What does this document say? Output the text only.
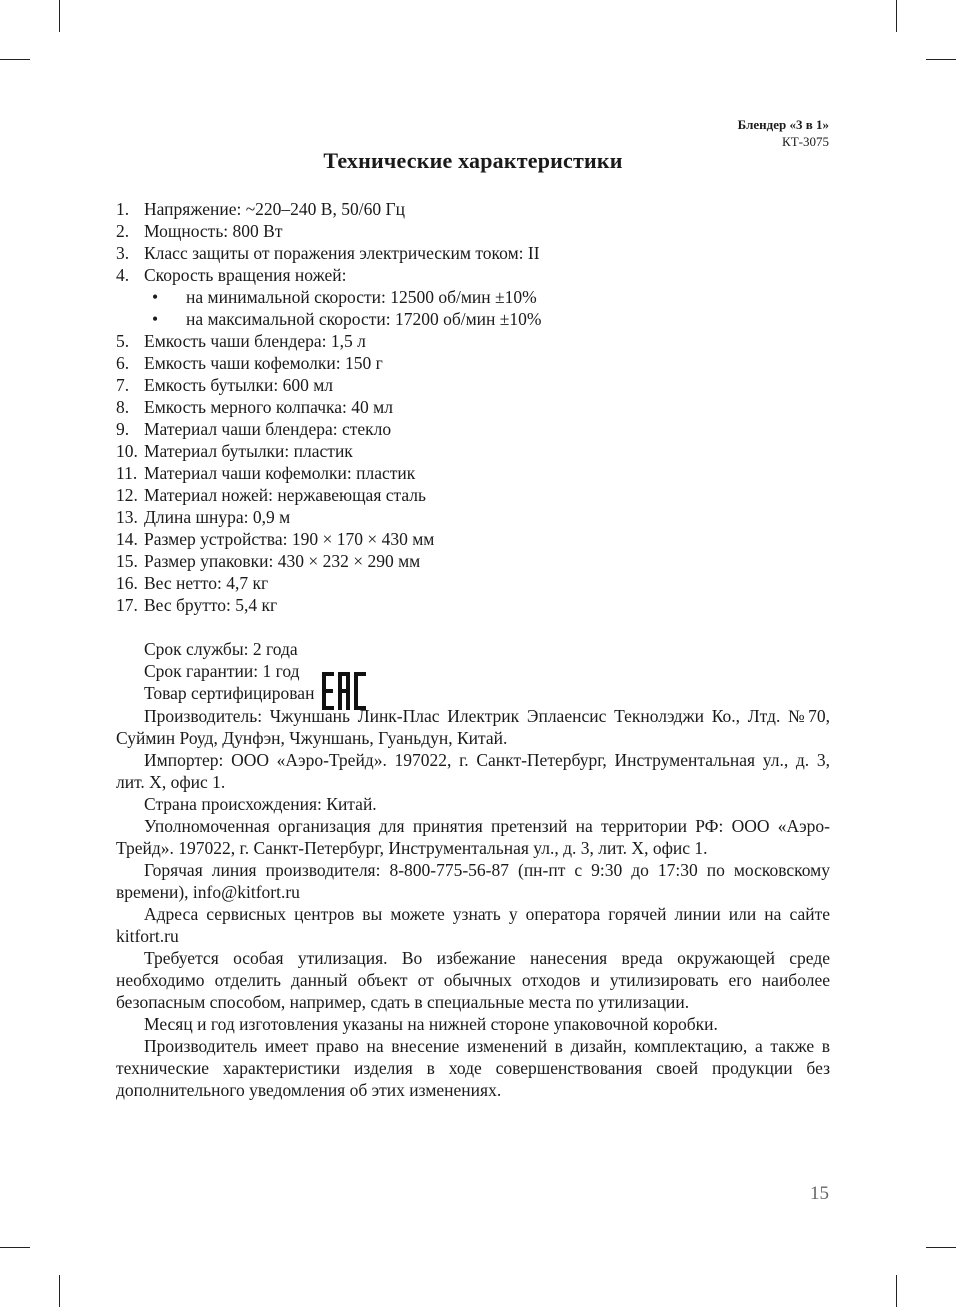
Блендер «3 в 1»
КТ-3075
Технические характеристики
1. Напряжение: ~220–240 В, 50/60 Гц
2. Мощность: 800 Вт
3. Класс защиты от поражения электрическим током: II
4. Скорость вращения ножей:
• на минимальной скорости: 12500 об/мин ±10%
• на максимальной скорости: 17200 об/мин ±10%
5. Емкость чаши блендера: 1,5 л
6. Емкость чаши кофемолки: 150 г
7. Емкость бутылки: 600 мл
8. Емкость мерного колпачка: 40 мл
9. Материал чаши блендера: стекло
10. Материал бутылки: пластик
11. Материал чаши кофемолки: пластик
12. Материал ножей: нержавеющая сталь
13. Длина шнура: 0,9 м
14. Размер устройства: 190 × 170 × 430 мм
15. Размер упаковки: 430 × 232 × 290 мм
16. Вес нетто: 4,7 кг
17. Вес брутто: 5,4 кг
Срок службы: 2 года
Срок гарантии: 1 год
Товар сертифицирован

Производитель: Чжуншань Линк-Плас Илектрик Эплаенсис Текнолэджи Ко., Лтд. №70, Суймин Роуд, Дунфэн, Чжуншань, Гуаньдун, Китай.

Импортер: ООО «Аэро-Трейд». 197022, г. Санкт-Петербург, Инструментальная ул., д. 3, лит. Х, офис 1.

Страна происхождения: Китай.

Уполномоченная организация для принятия претензий на территории РФ: ООО «Аэро-Трейд». 197022, г. Санкт-Петербург, Инструментальная ул., д. 3, лит. Х, офис 1.

Горячая линия производителя: 8-800-775-56-87 (пн-пт с 9:30 до 17:30 по московскому времени), info@kitfort.ru

Адреса сервисных центров вы можете узнать у оператора горячей линии или на сайте kitfort.ru

Требуется особая утилизация. Во избежание нанесения вреда окружающей среде необходимо отделить данный объект от обычных отходов и утилизировать его наиболее безопасным способом, например, сдать в специальные места по утилизации.

Месяц и год изготовления указаны на нижней стороне упаковочной коробки.

Производитель имеет право на внесение изменений в дизайн, комплектацию, а также в технические характеристики изделия в ходе совершенствования своей продукции без дополнительного уведомления об этих изменениях.

15
